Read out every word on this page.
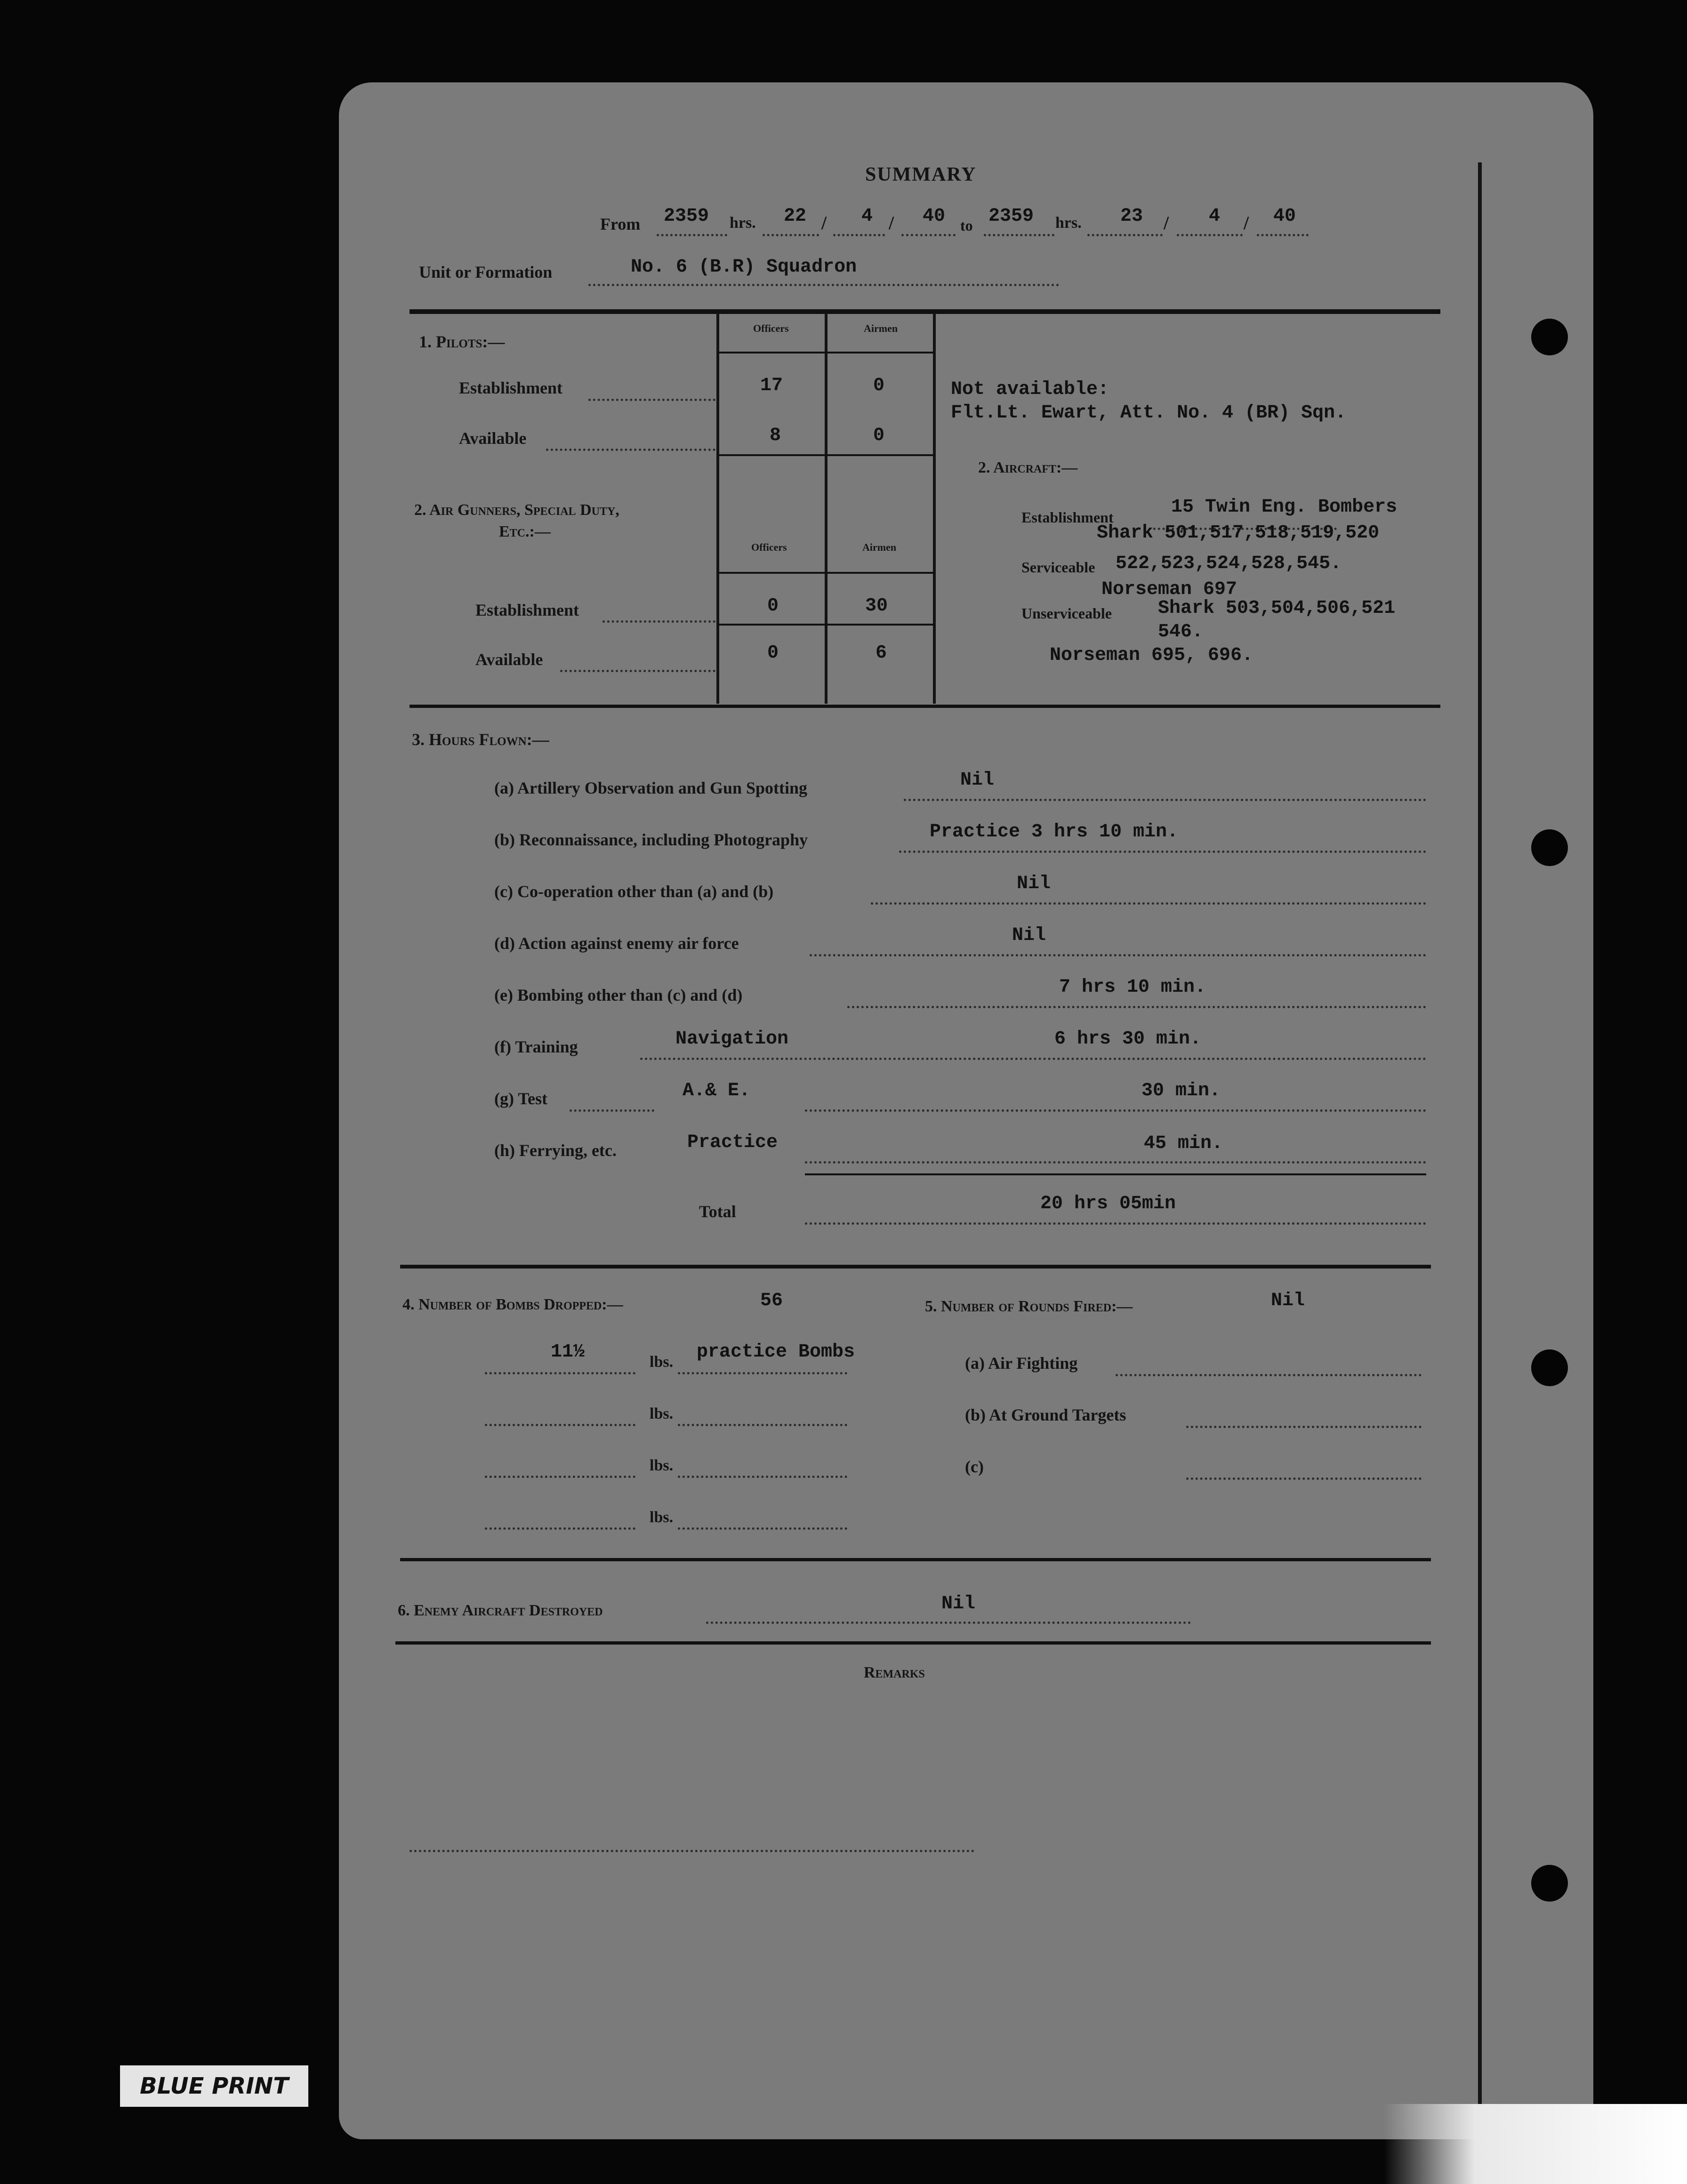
SUMMARY
From 2359 hrs. 22 / 4 / 40 to 2359 hrs. 23 / 4 / 40
Unit or Formation	No. 6 (B.R) Squadron
Officers	Airmen
1. Pilots:—
Establishment	17	0
Available	8	0
Not available:
Flt.Lt. Ewart, Att. No. 4 (BR) Sqn.
2. Air Gunners, Special Duty,
Etc.:—
Officers	Airmen
Establishment	0	30
Available	0	6
2. Aircraft:—
Establishment	15 Twin Eng. Bombers
Shark 501,517,518,519,520
Serviceable 522,523,524,528,545.
Norseman 697
Unserviceable Shark 503,504,506,521
546.
Norseman 695, 696.
3. Hours Flown:—
(a) Artillery Observation and Gun Spotting	Nil
(b) Reconnaissance, including Photography	Practice 3 hrs 10 min.
(c) Co-operation other than (a) and (b)	Nil
(d) Action against enemy air force	Nil
(e) Bombing other than (c) and (d)	7 hrs 10 min.
(f) Training	Navigation	6 hrs 30 min.
(g) Test	A.& E.	30 min.
(h) Ferrying, etc.	Practice	45 min.
Total	20 hrs 05min
4. Number of Bombs Dropped:—	56
11½	lbs. practice Bombs
lbs.
lbs.
lbs.
5. Number of Rounds Fired:—	Nil
(a) Air Fighting
(b) At Ground Targets
(c)
6. Enemy Aircraft Destroyed	Nil
Remarks
BLUE PRINT
